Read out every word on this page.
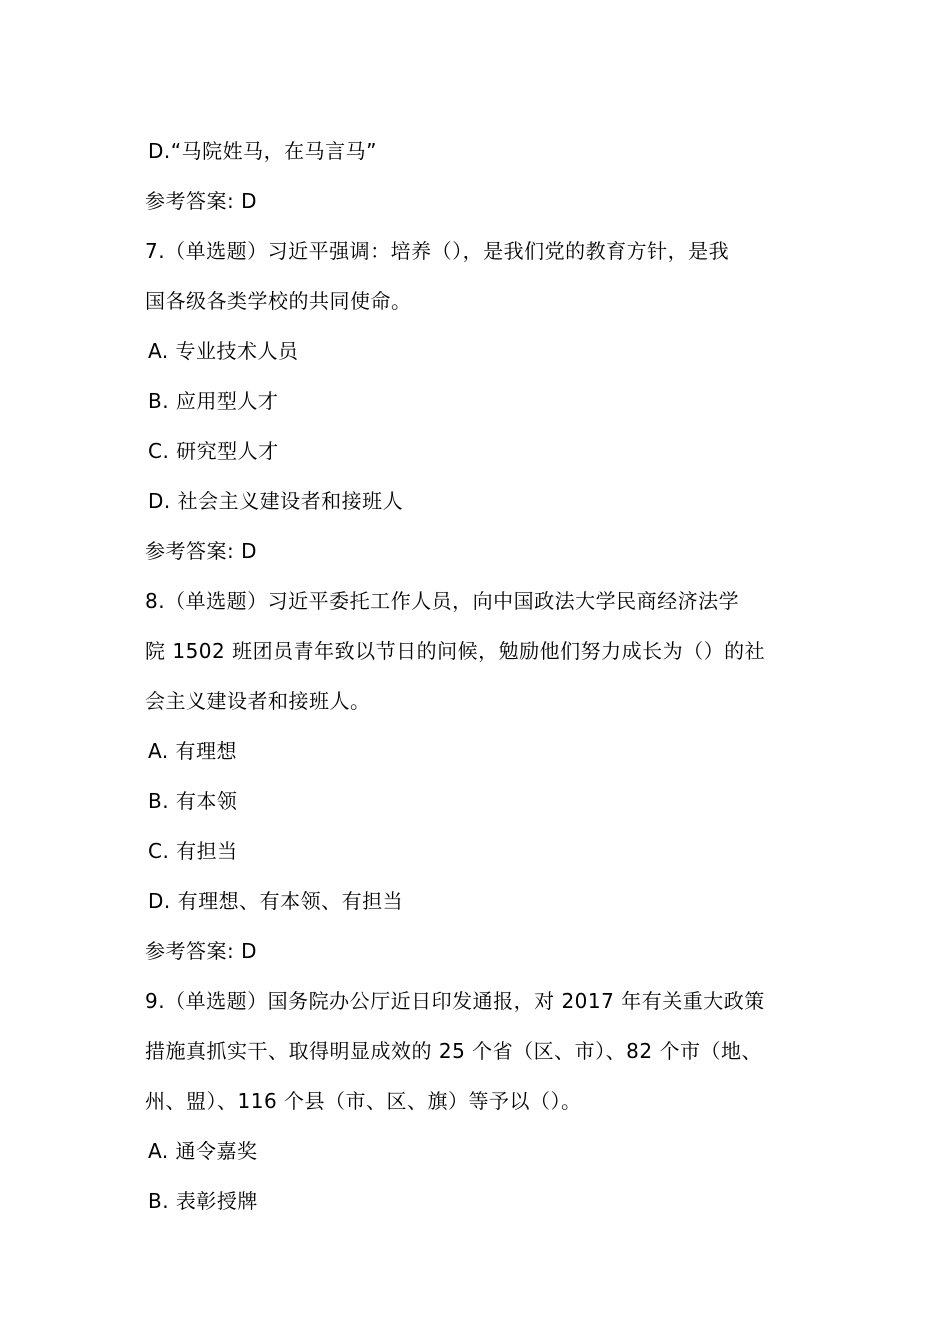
D.“马院姓马，在马言马”
参考答案: D
7.（单选题）习近平强调：培养（），是我们党的教育方针，是我
国各级各类学校的共同使命。
A. 专业技术人员
B. 应用型人才
C. 研究型人才
D. 社会主义建设者和接班人
参考答案: D
8.（单选题）习近平委托工作人员，向中国政法大学民商经济法学
院 1502 班团员青年致以节日的问候，勉励他们努力成长为（）的社
会主义建设者和接班人。
A. 有理想
B. 有本领
C. 有担当
D. 有理想、有本领、有担当
参考答案: D
9.（单选题）国务院办公厅近日印发通报，对 2017 年有关重大政策
措施真抓实干、取得明显成效的 25 个省（区、市）、82 个市（地、
州、盟）、116 个县（市、区、旗）等予以（）。
A. 通令嘉奖
B. 表彰授牌
